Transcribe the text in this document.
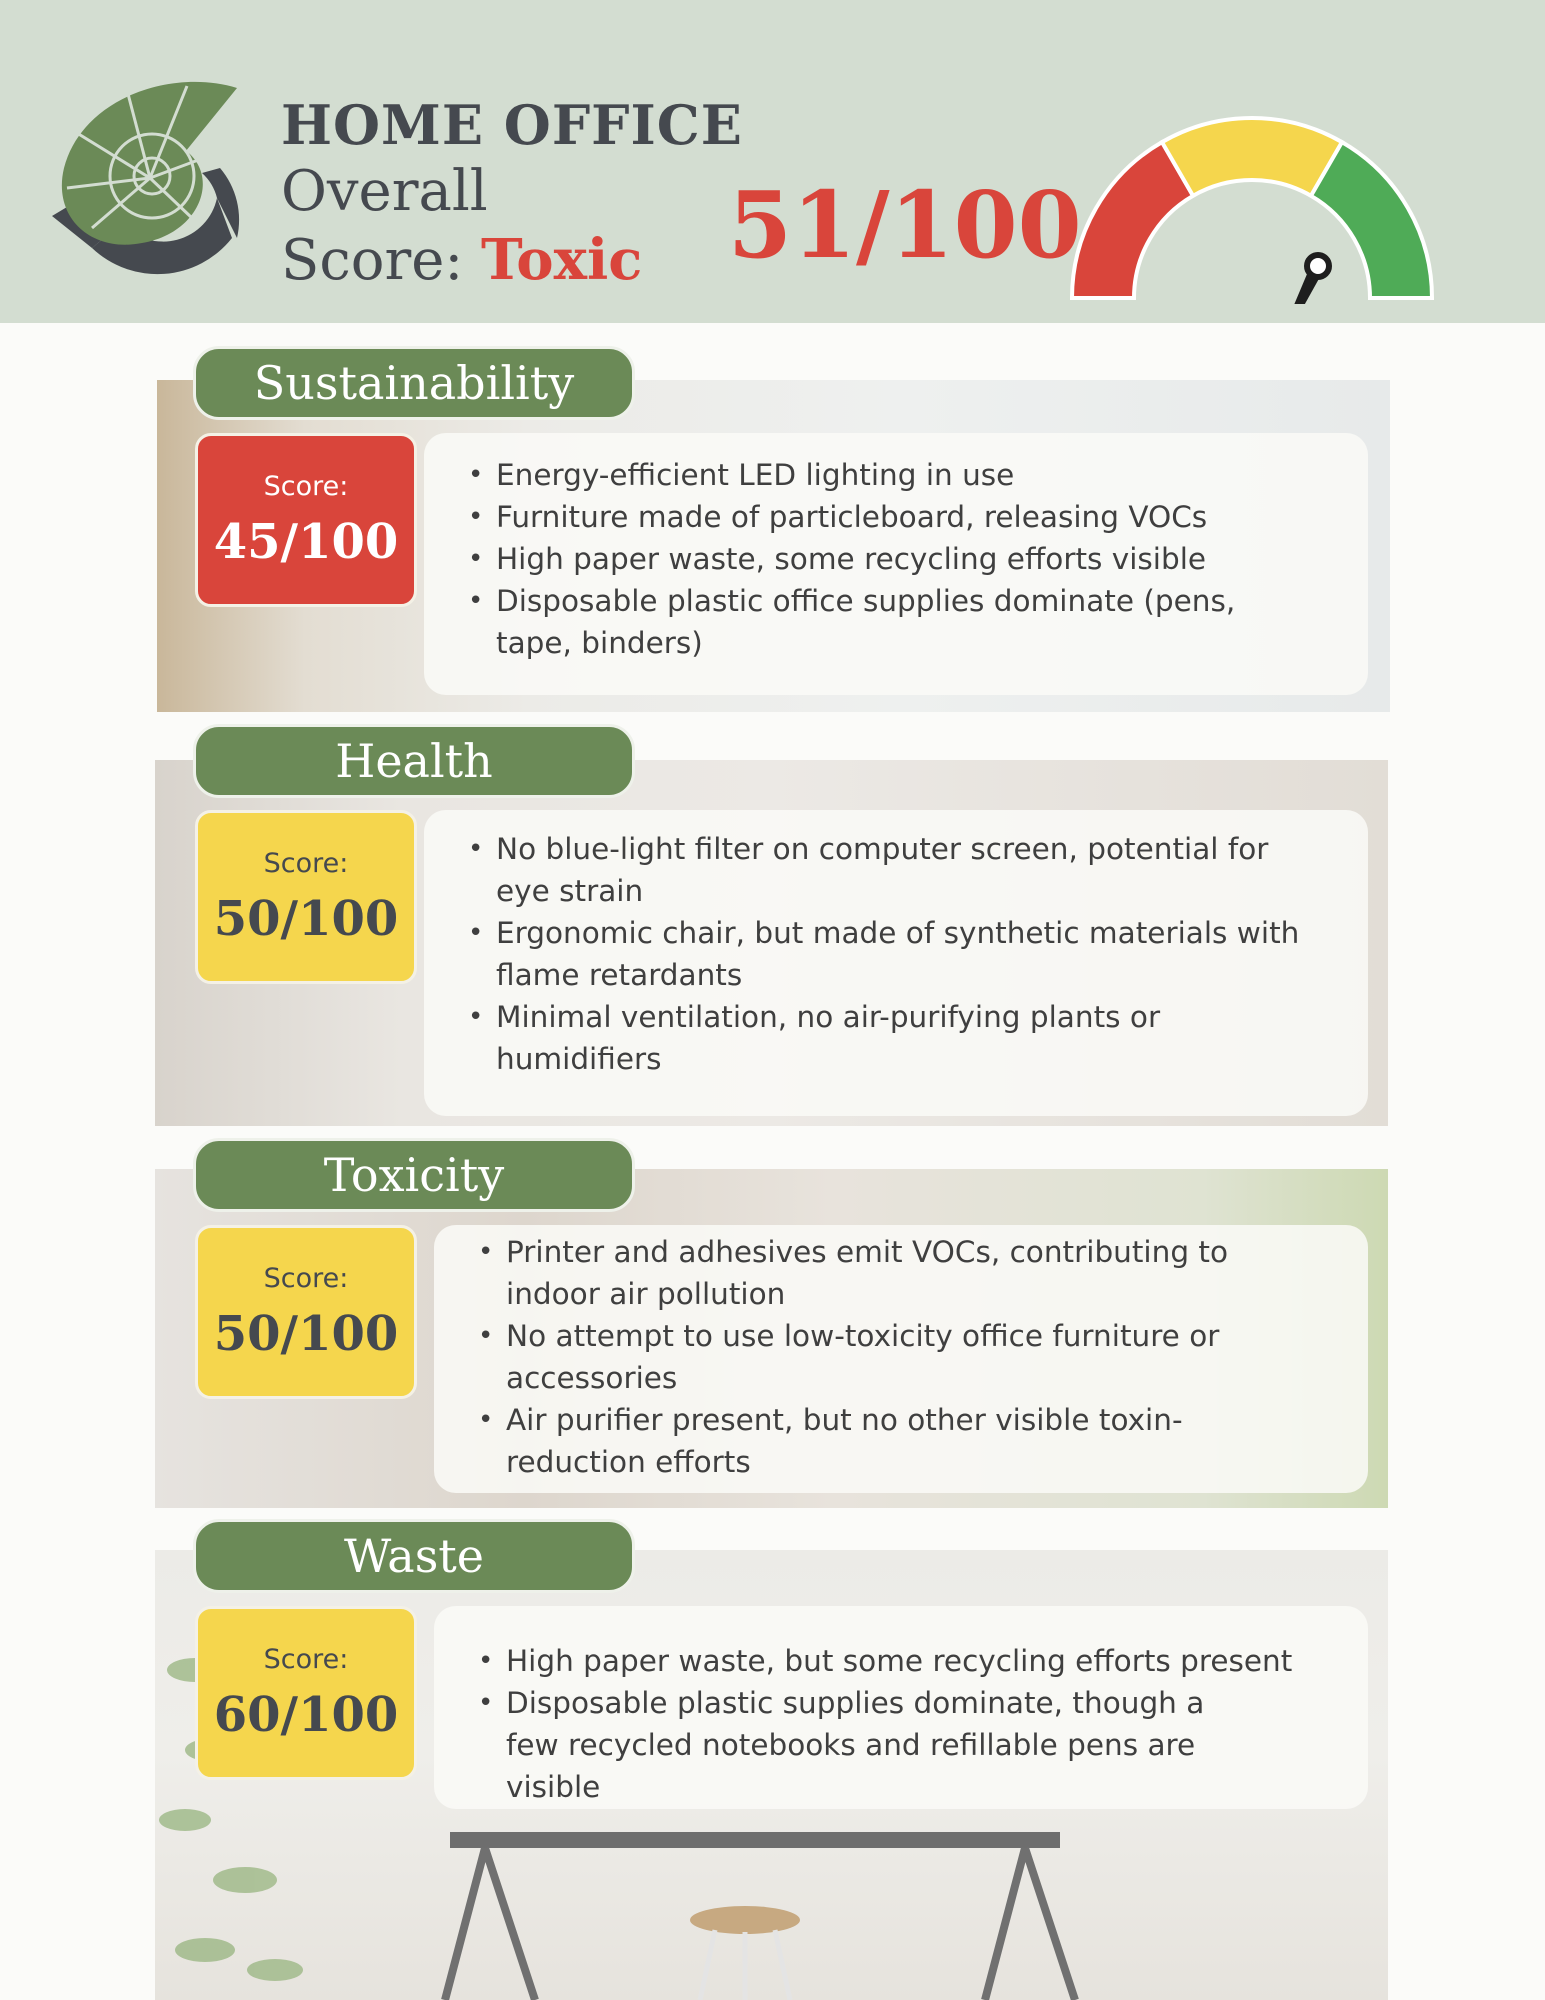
HOME OFFICE
Overall
Score: Toxic 51/100
Sustainability
Score:
45/100
• Energy-efficient LED lighting in use
• Furniture made of particleboard, releasing VOCs
• High paper waste, some recycling efforts visible
• Disposable plastic office supplies dominate (pens, tape, binders)
Health
Score:
50/100
• No blue-light filter on computer screen, potential for eye strain
• Ergonomic chair, but made of synthetic materials with flame retardants
• Minimal ventilation, no air-purifying plants or humidifiers
Toxicity
Score:
50/100
• Printer and adhesives emit VOCs, contributing to indoor air pollution
• No attempt to use low-toxicity office furniture or accessories
• Air purifier present, but no other visible toxin-reduction efforts
Waste
Score:
60/100
• High paper waste, but some recycling efforts present
• Disposable plastic supplies dominate, though a few recycled notebooks and refillable pens are visible
